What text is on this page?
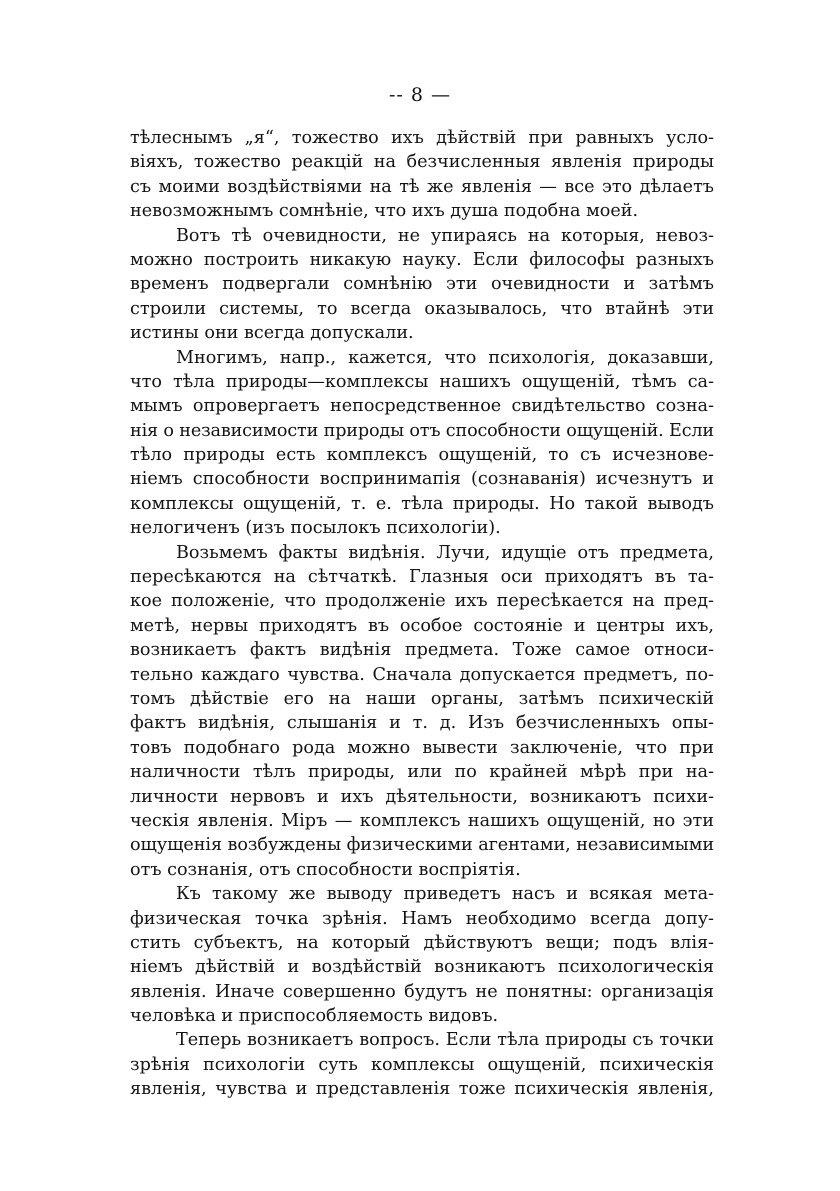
-- 8 —
тѣлеснымъ „я“, тожество ихъ дѣйствій при равныхъ усло-
віяхъ, тожество реакцій на безчисленныя явленія природы
съ моими воздѣйствіями на тѣ же явленія — все это дѣлаетъ
невозможнымъ сомнѣніе, что ихъ душа подобна моей.
Вотъ тѣ очевидности, не упираясь на которыя, невоз-
можно построить никакую науку. Если философы разныхъ
временъ подвергали сомнѣнію эти очевидности и затѣмъ
строили системы, то всегда оказывалось, что втайнѣ эти
истины они всегда допускали.
Многимъ, напр., кажется, что психологія, доказавши,
что тѣла природы—комплексы нашихъ ощущеній, тѣмъ са-
мымъ опровергаетъ непосредственное свидѣтельство созна-
нія о независимости природы отъ способности ощущеній. Если
тѣло природы есть комплексъ ощущеній, то съ исчезнове-
ніемъ способности воспринимапія (сознаванія) исчезнутъ и
комплексы ощущеній, т. е. тѣла природы. Но такой выводъ
нелогиченъ (изъ посылокъ психологіи).
Возьмемъ факты видѣнія. Лучи, идущіе отъ предмета,
пересѣкаются на сѣтчаткѣ. Глазныя оси приходятъ въ та-
кое положеніе, что продолженіе ихъ пересѣкается на пред-
метѣ, нервы приходятъ въ особое состояніе и центры ихъ,
возникаетъ фактъ видѣнія предмета. Тоже самое относи-
тельно каждаго чувства. Сначала допускается предметъ, по-
томъ дѣйствіе его на наши органы, затѣмъ психическій
фактъ видѣнія, слышанія и т. д. Изъ безчисленныхъ опы-
товъ подобнаго рода можно вывести заключеніе, что при
наличности тѣлъ природы, или по крайней мѣрѣ при на-
личности нервовъ и ихъ дѣятельности, возникаютъ психи-
ческія явленія. Міръ — комплексъ нашихъ ощущеній, но эти
ощущенія возбуждены физическими агентами, независимыми
отъ сознанія, отъ способности воспріятія.
Къ такому же выводу приведетъ насъ и всякая мета-
физическая точка зрѣнія. Намъ необходимо всегда допу-
стить субъектъ, на который дѣйствуютъ вещи; подъ влія-
ніемъ дѣйствій и воздѣйствій возникаютъ психологическія
явленія. Иначе совершенно будутъ не понятны: организація
человѣка и приспособляемость видовъ.
Теперь возникаетъ вопросъ. Если тѣла природы съ точки
зрѣнія психологіи суть комплексы ощущеній, психическія
явленія, чувства и представленія тоже психическія явленія,
